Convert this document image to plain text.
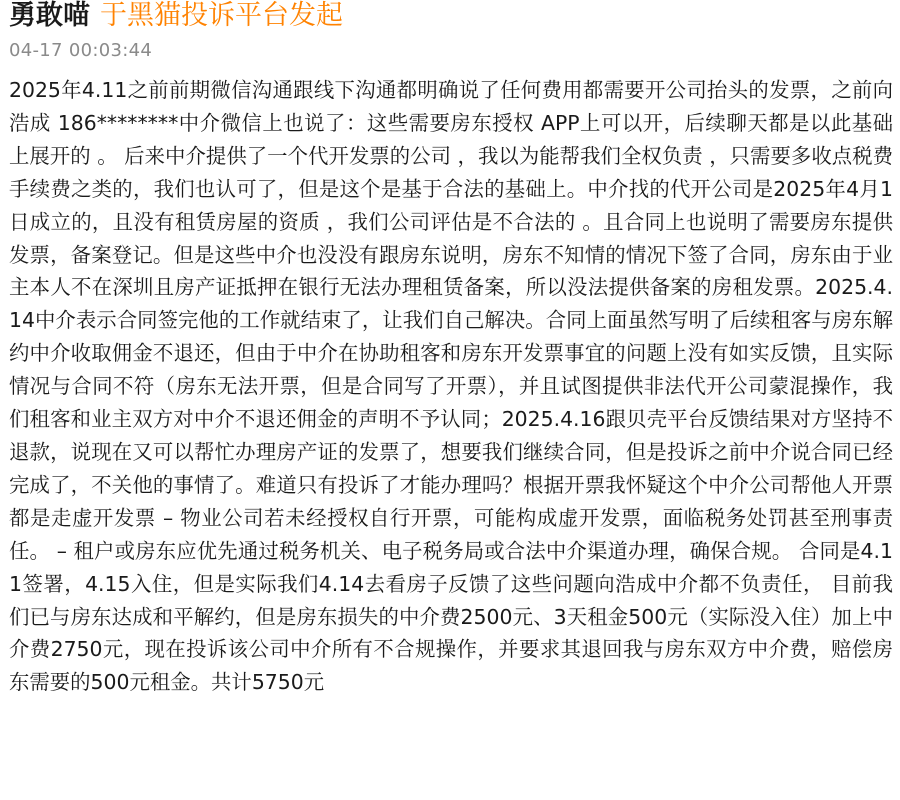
勇敢喵 于黑猫投诉平台发起
04-17 00:03:44
2025年4.11之前前期微信沟通跟线下沟通都明确说了任何费用都需要开公司抬头的发票，之前向浩成 186********中介微信上也说了：这些需要房东授权 APP上可以开，后续聊天都是以此基础上展开的 。 后来中介提供了一个代开发票的公司 ，我以为能帮我们全权负责 ，只需要多收点税费手续费之类的，我们也认可了，但是这个是基于合法的基础上。中介找的代开公司是2025年4月1日成立的，且没有租赁房屋的资质 ，我们公司评估是不合法的 。且合同上也说明了需要房东提供发票，备案登记。但是这些中介也没没有跟房东说明，房东不知情的情况下签了合同，房东由于业主本人不在深圳且房产证抵押在银行无法办理租赁备案，所以没法提供备案的房租发票。2025.4.14中介表示合同签完他的工作就结束了，让我们自己解决。合同上面虽然写明了后续租客与房东解约中介收取佣金不退还，但由于中介在协助租客和房东开发票事宜的问题上没有如实反馈，且实际情况与合同不符（房东无法开票，但是合同写了开票），并且试图提供非法代开公司蒙混操作，我们租客和业主双方对中介不退还佣金的声明不予认同；2025.4.16跟贝壳平台反馈结果对方坚持不退款，说现在又可以帮忙办理房产证的发票了，想要我们继续合同，但是投诉之前中介说合同已经完成了，不关他的事情了。难道只有投诉了才能办理吗？根据开票我怀疑这个中介公司帮他人开票都是走虚开发票 – 物业公司若未经授权自行开票，可能构成虚开发票，面临税务处罚甚至刑事责任。 – 租户或房东应优先通过税务机关、电子税务局或合法中介渠道办理，确保合规。 合同是4.11签署，4.15入住，但是实际我们4.14去看房子反馈了这些问题向浩成中介都不负责任， 目前我们已与房东达成和平解约，但是房东损失的中介费2500元、3天租金500元（实际没入住）加上中介费2750元，现在投诉该公司中介所有不合规操作，并要求其退回我与房东双方中介费，赔偿房东需要的500元租金。共计5750元
